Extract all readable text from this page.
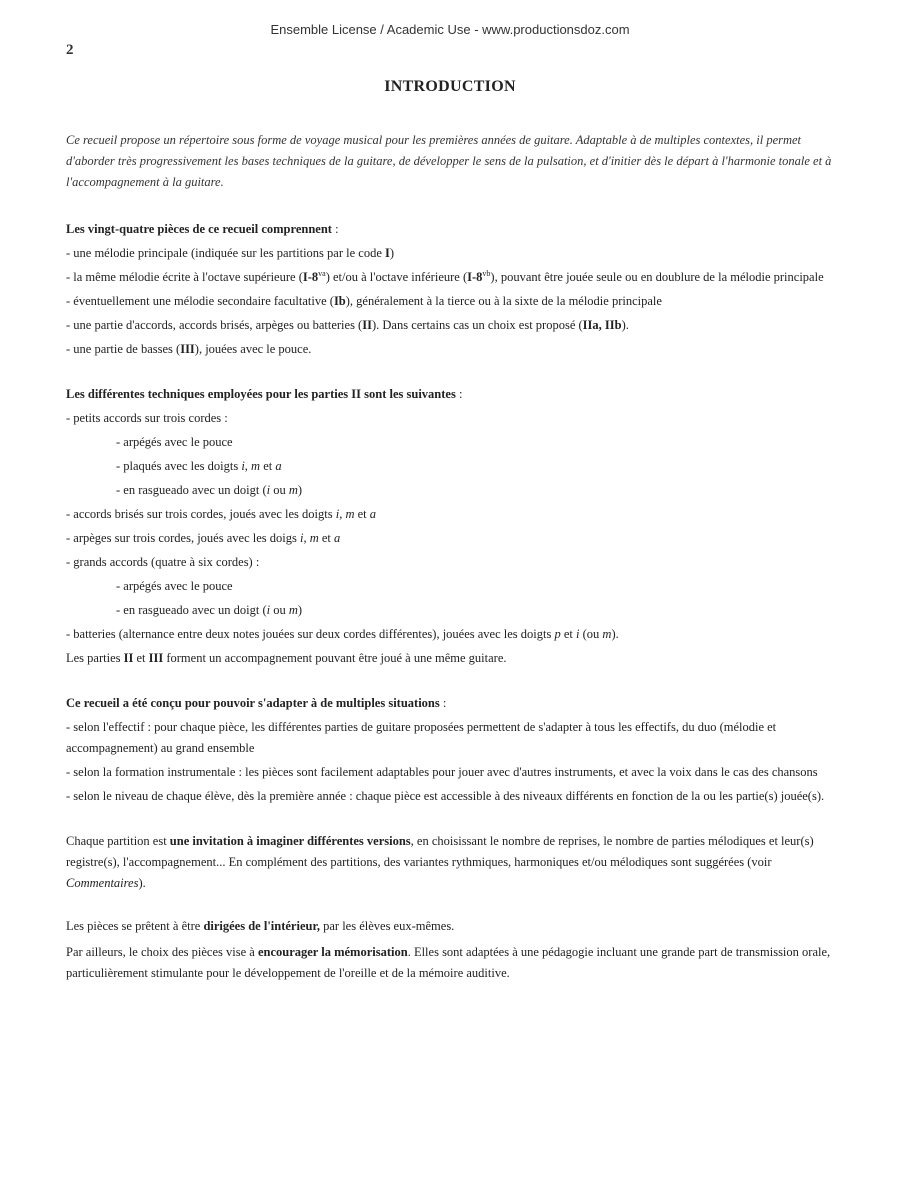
Ensemble License / Academic Use - www.productionsdoz.com
2
INTRODUCTION

Ce recueil propose un répertoire sous forme de voyage musical pour les premières années de guitare. Adaptable à de multiples contextes, il permet d'aborder très progressivement les bases techniques de la guitare, de développer le sens de la pulsation, et d'initier dès le départ à l'harmonie tonale et à l'accompagnement à la guitare.

Les vingt-quatre pièces de ce recueil comprennent :

- une mélodie principale (indiquée sur les partitions par le code I)

- la même mélodie écrite à l'octave supérieure $(I-8^{va})$ et/ou à l'octave inférieure $(I-8^{vb})$, pouvant être jouée seule ou en doublure de la mélodie principale

- éventuellement une mélodie secondaire facultative (Ib), généralement à la tierce ou à la sixte de la mélodie principale

- une partie d'accords, accords brisés, arpèges ou batteries (II). Dans certains cas un choix est proposé (IIa, IIb).

- une partie de basses (III), jouées avec le pouce.

Les différentes techniques employées pour les parties II sont les suivantes :

- petits accords sur trois cordes :

- arpégés avec le pouce

- plaqués avec les doigts i, m et a

- en rasgueado avec un doigt (i ou m)

- accords brisés sur trois cordes, joués avec les doigts i, m et a

- arpèges sur trois cordes, joués avec les doigs i, m et a

- grands accords (quatre à six cordes) :

- arpégés avec le pouce

- en rasgueado avec un doigt (i ou m)

- batteries (alternance entre deux notes jouées sur deux cordes différentes), jouées avec les doigts p et i (ou m).

Les parties II et III forment un accompagnement pouvant être joué à une même guitare.

Ce recueil a été conçu pour pouvoir s'adapter à de multiples situations :

- selon l'effectif : pour chaque pièce, les différentes parties de guitare proposées permettent de s'adapter à tous les effectifs, du duo (mélodie et accompagnement) au grand ensemble

- selon la formation instrumentale : les pièces sont facilement adaptables pour jouer avec d'autres instruments, et avec la voix dans le cas des chansons

- selon le niveau de chaque élève, dès la première année : chaque pièce est accessible à des niveaux différents en fonction de la ou les partie(s) jouée(s).

Chaque partition est une invitation à imaginer différentes versions, en choisissant le nombre de reprises, le nombre de parties mélodiques et leur(s) registre(s), l'accompagnement... En complément des partitions, des variantes rythmiques, harmoniques et/ou mélodiques sont suggérées (voir Commentaires).

Les pièces se prêtent à être dirigées de l'intérieur, par les élèves eux-mêmes.

Par ailleurs, le choix des pièces vise à encourager la mémorisation. Elles sont adaptées à une pédagogie incluant une grande part de transmission orale, particulièrement stimulante pour le développement de l'oreille et de la mémoire auditive.
